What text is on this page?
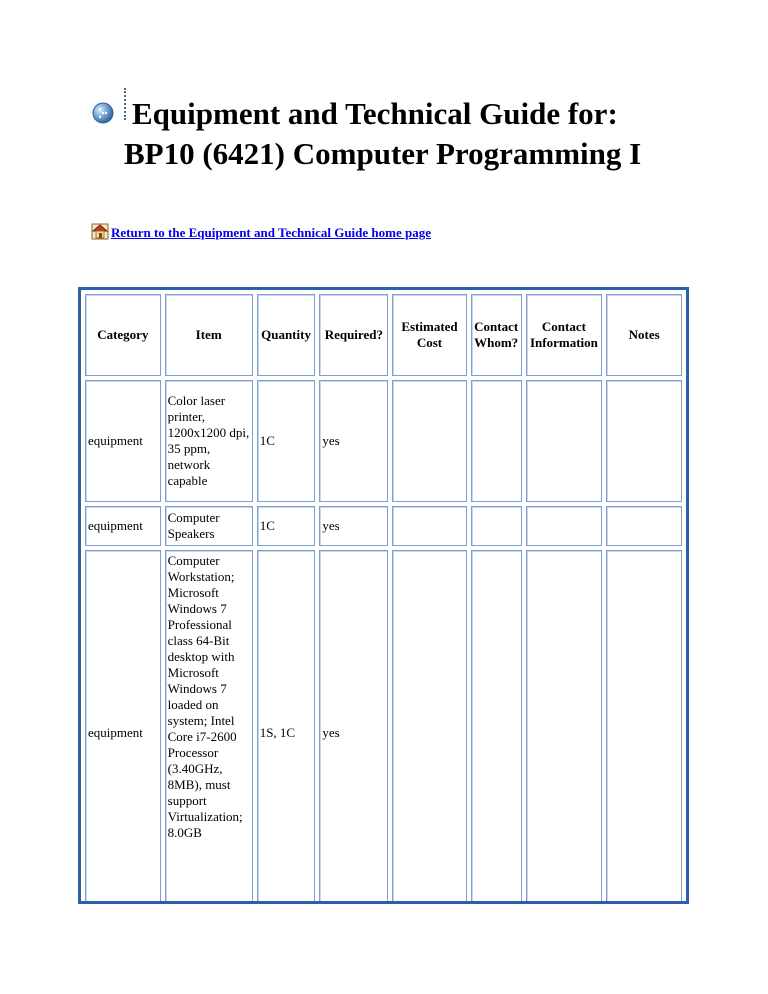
Equipment and Technical Guide for:
BP10 (6421) Computer Programming I
Return to the Equipment and Technical Guide home page
Category	Item	Quantity	Required?	Estimated Cost	Contact Whom?	Contact Information	Notes
equipment	Color laser printer, 1200x1200 dpi, 35 ppm, network capable	1C	yes				
equipment	Computer Speakers	1C	yes				
equipment	Computer Workstation; Microsoft Windows 7 Professional class 64-Bit desktop with Microsoft Windows 7 loaded on system; Intel Core i7-2600 Processor (3.40GHz, 8MB), must support Virtualization; 8.0GB	1S, 1C	yes				
